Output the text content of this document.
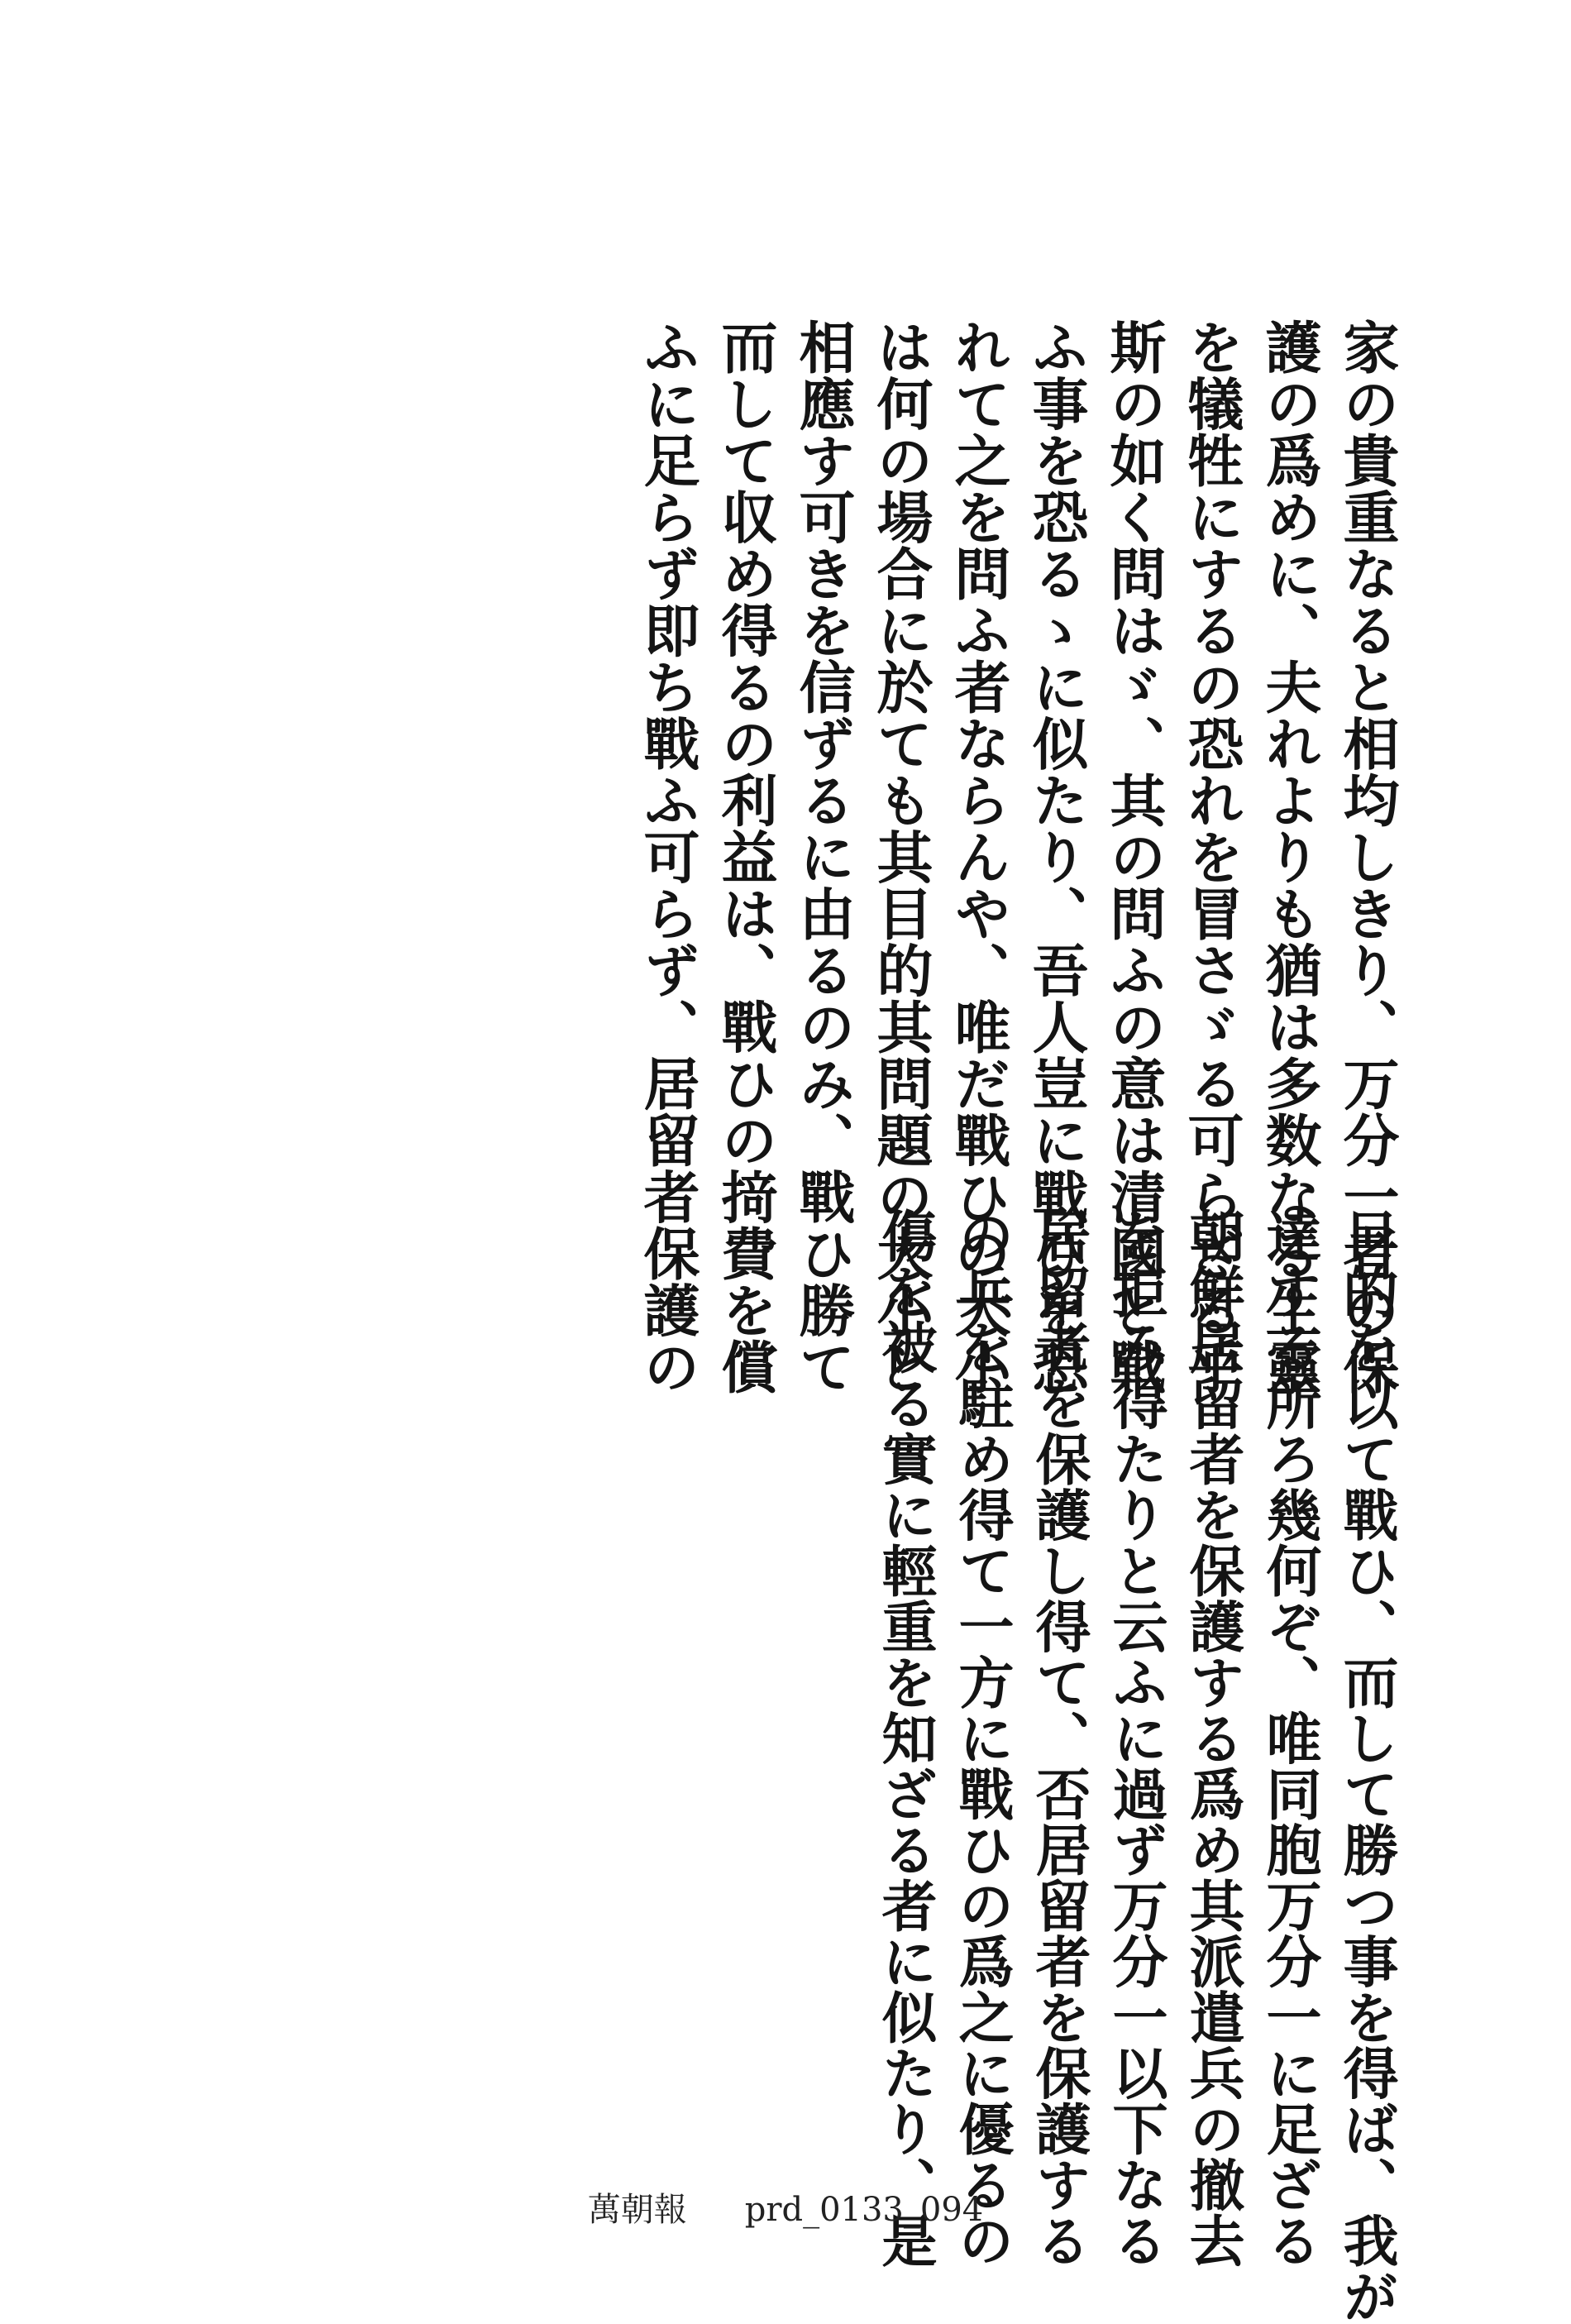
家の貴重なると相均しきり、万分一者の保
護の爲めに、夫れよりも猶は多数なる生靈
を犠牲にするの恐れを冒さゞる可らざる乎
斯の如く問はゞ、其の問ふの意は清國と戰
ふ事を恐るゝに似たり、吾人豈に戰ひを恐
れて之を問ふ者ならんや、唯だ戰ひの大小
は何の場合に於ても其目的其問題の大小と
相應す可きを信ずるに由るのみ、戰ひ勝て
而して収め得るの利益は、戰ひの𢰤費を償
ふに足らず即ち戰ふ可らず、居留者保護の
目的を以て戰ひ、而して勝つ事を得ば、我が
達する所ろ幾何ぞ、唯同胞万分一に足ざる
朝鮮居留者を保護する爲め其派遣兵の撤去
を拒み得たりと云ふに過ず万分一以下なる
居留者を保護し得て、否居留者を保護する
の兵を駐め得て一方に戰ひの爲之に優るの
傷を被る實に輕重を知ざる者に似たり、是
萬朝報 prd_0133_094
